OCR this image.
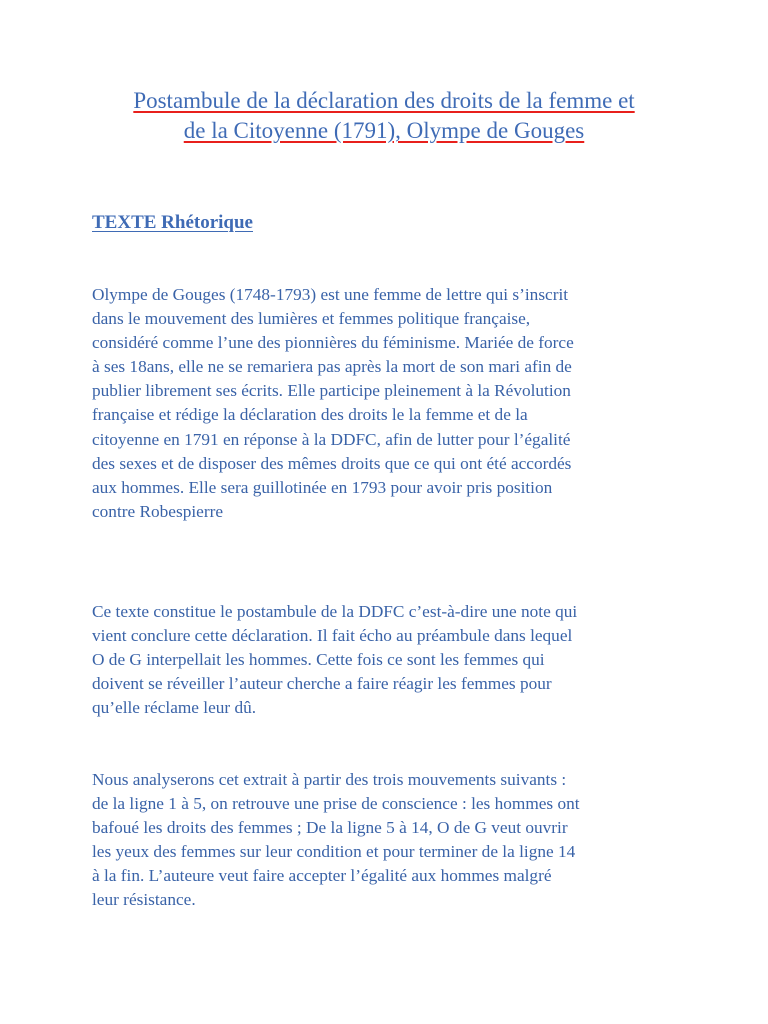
Postambule de la déclaration des droits de la femme et
de la Citoyenne (1791), Olympe de Gouges
TEXTE Rhétorique
Olympe de Gouges (1748-1793) est une femme de lettre qui s’inscrit
dans le mouvement des lumières et femmes politique française,
considéré comme l’une des pionnières du féminisme. Mariée de force
à ses 18ans, elle ne se remariera pas après la mort de son mari afin de
publier librement ses écrits. Elle participe pleinement à la Révolution
française et rédige la déclaration des droits le la femme et de la
citoyenne en 1791 en réponse à la DDFC, afin de lutter pour l’égalité
des sexes et de disposer des mêmes droits que ce qui ont été accordés
aux hommes. Elle sera guillotinée en 1793 pour avoir pris position
contre Robespierre
Ce texte constitue le postambule de la DDFC c’est-à-dire une note qui
vient conclure cette déclaration. Il fait écho au préambule dans lequel
O de G interpellait les hommes. Cette fois ce sont les femmes qui
doivent se réveiller l’auteur cherche a faire réagir les femmes pour
qu’elle réclame leur dû.
Nous analyserons cet extrait à partir des trois mouvements suivants :
de la ligne 1 à 5, on retrouve une prise de conscience : les hommes ont
bafoué les droits des femmes ; De la ligne 5 à 14, O de G veut ouvrir
les yeux des femmes sur leur condition et pour terminer de la ligne 14
à la fin. L’auteure veut faire accepter l’égalité aux hommes malgré
leur résistance.
